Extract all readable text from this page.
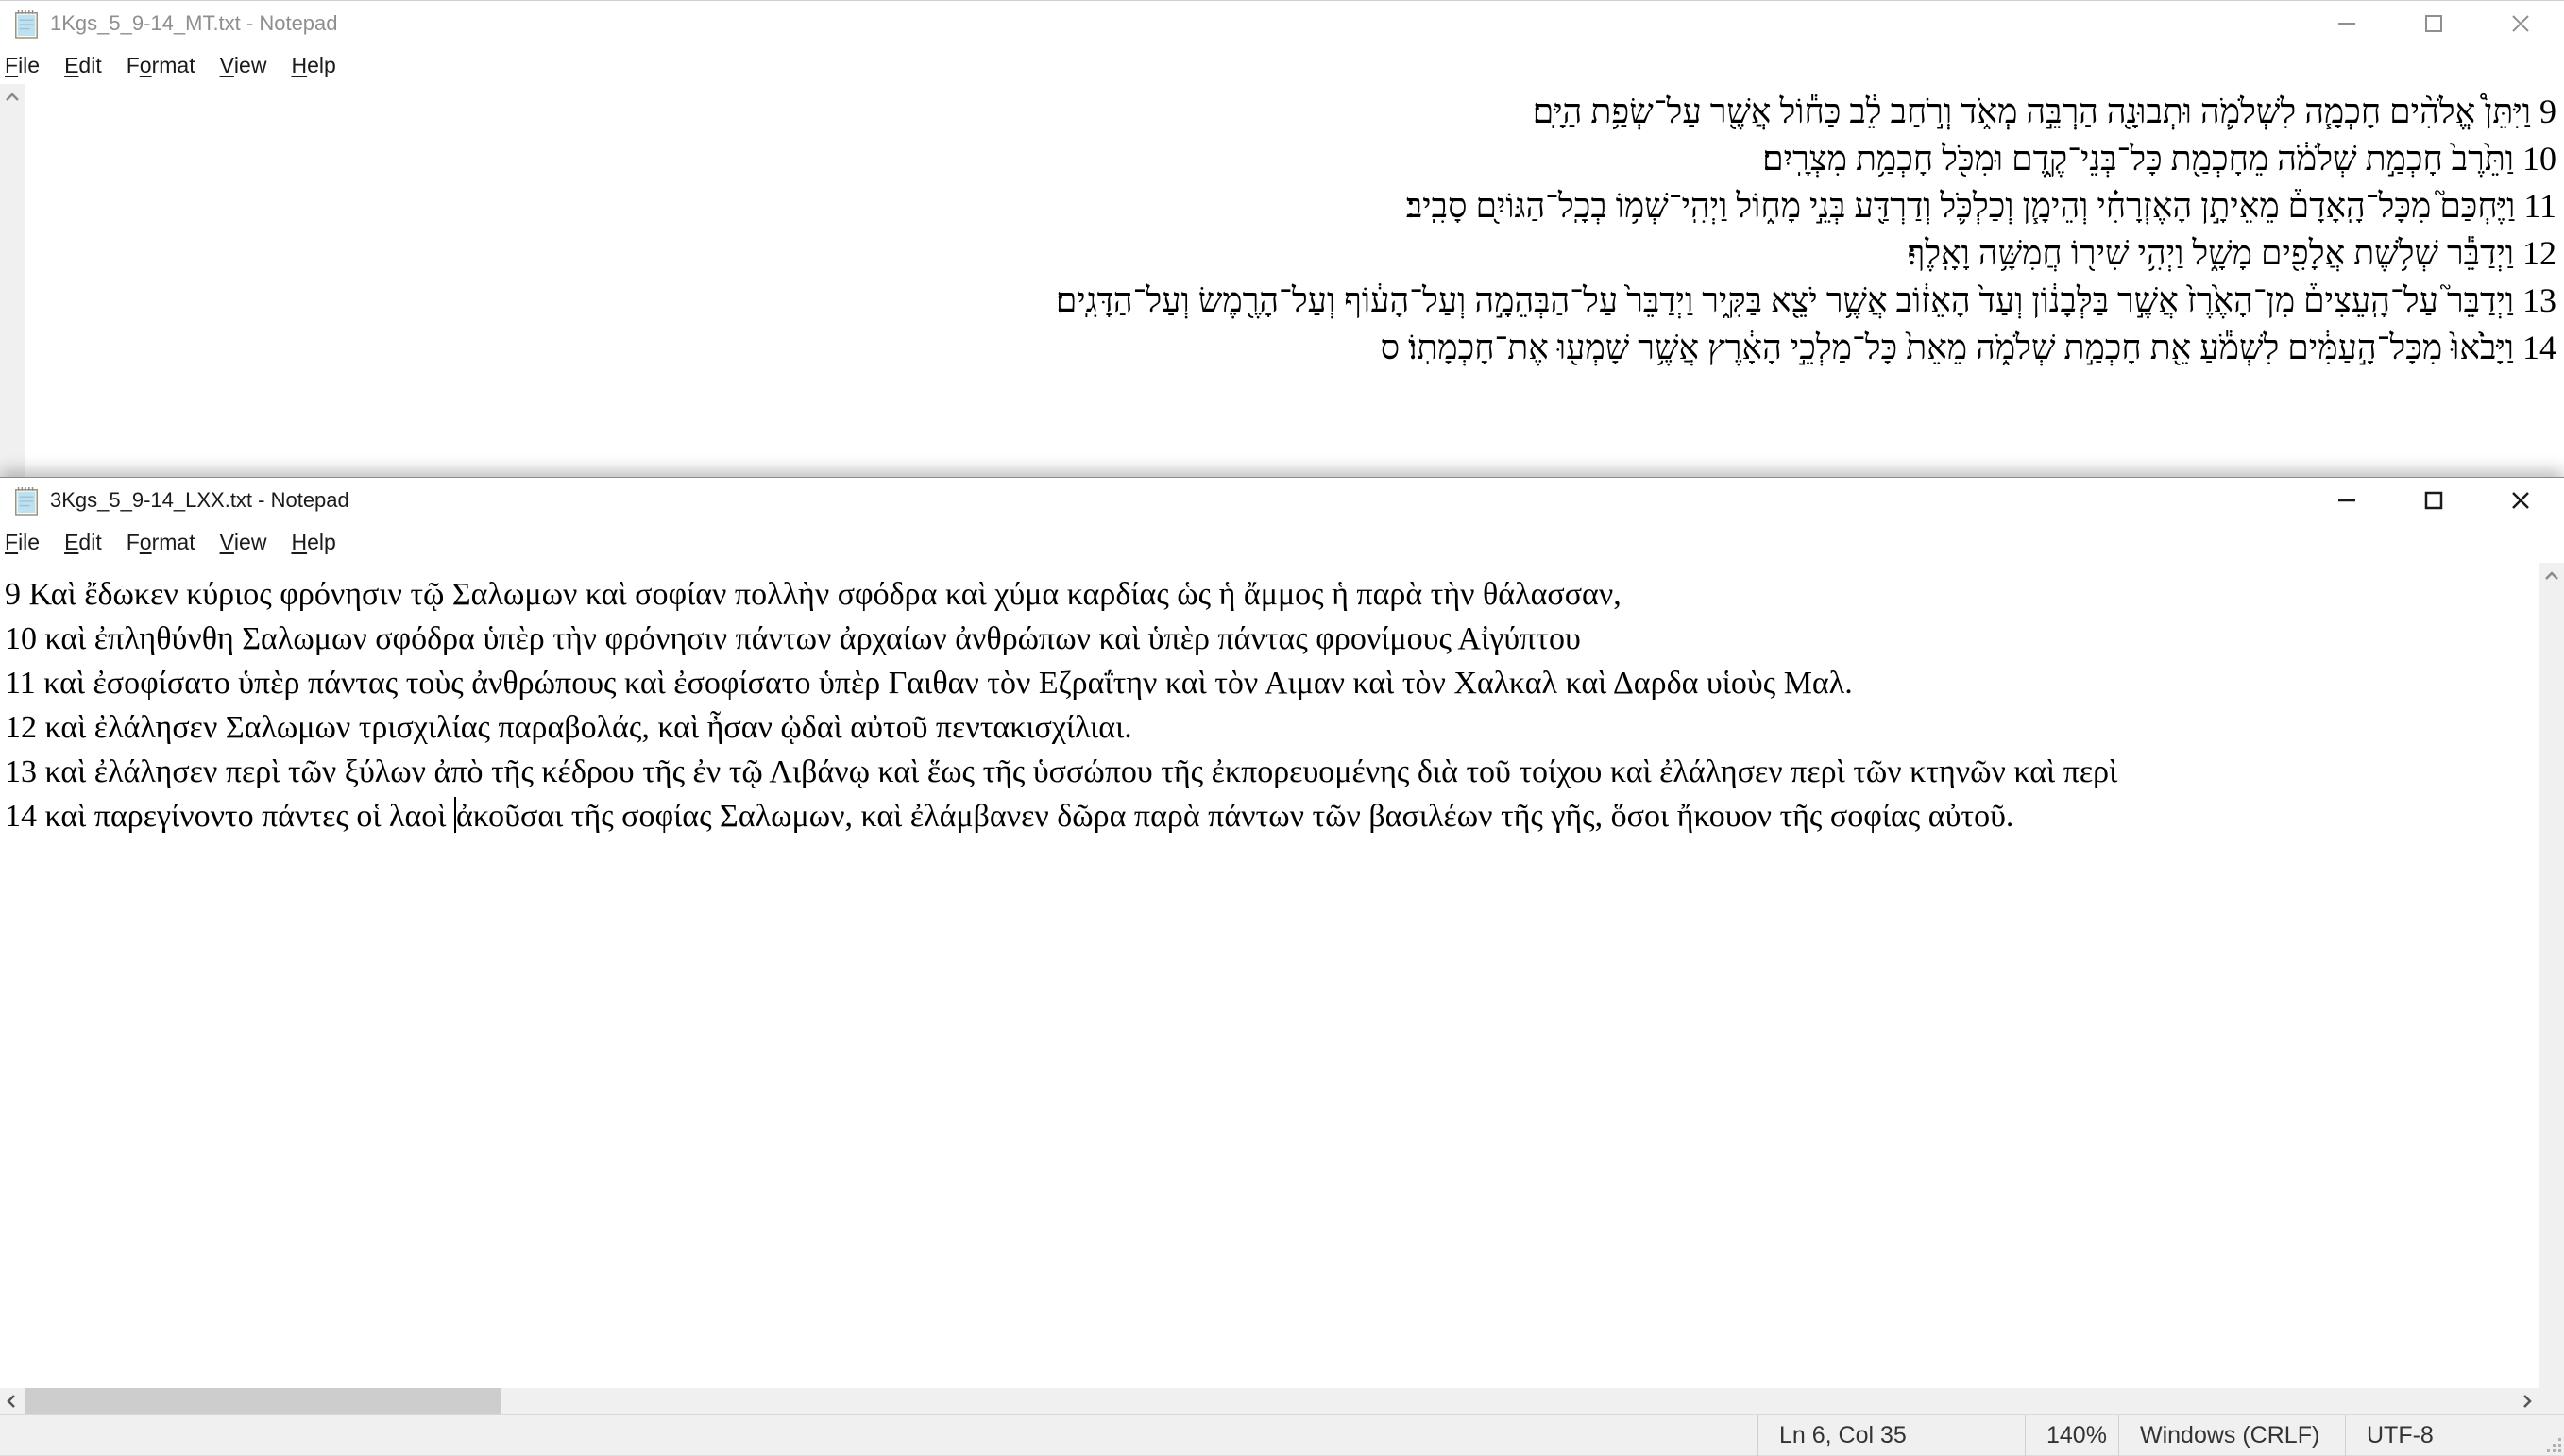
1Kgs_5_9-14_MT.txt - Notepad
F ile E dit F o rmat V iew H elp
9 וַיִּתֵּן֩ אֱלֹהִ֨ים חָכְמָ֧ה לִשְׁלֹמֹ֛ה וּתְבוּנָ֖ה הַרְבֵּ֣ה מְאֹ֑ד וְרֹ֣חַב לֵ֔ב כַּח֕וֹל אֲשֶׁ֖ר עַל־שְׂפַ֥ת הַיָּֽם׃
10 וַתֵּ֙רֶב֙ חָכְמַ֣ת שְׁלֹמֹ֔ה מֵחָכְמַ֖ת כָּל־בְּנֵי־קֶ֑דֶם וּמִכֹּ֖ל חָכְמַ֥ת מִצְרָֽיִם׃
11 וַיֶּחְכַּם֮ מִכָּל־הָֽאָדָם֒ מֵאֵיתָ֣ן הָאֶזְרָחִ֗י וְהֵימָ֧ן וְכַלְכֹּ֛ל וְדַרְדַּ֖ע בְּנֵ֣י מָח֑וֹל וַיְהִֽי־שְׁמ֥וֹ בְכָֽל־הַגּוֹיִ֖ם סָבִֽיב׃
12 וַיְדַבֵּ֕ר שְׁלֹ֥שֶׁת אֲלָפִ֖ים מָשָׁ֑ל וַיְהִ֥י שִׁיר֖וֹ חֲמִשָּׁ֥ה וָאָֽלֶף׃
13 וַיְדַבֵּר֮ עַל־הָֽעֵצִים֒ מִן־הָאֶ֙רֶז֙ אֲשֶׁ֣ר בַּלְּבָנ֔וֹן וְעַד֙ הָאֵז֔וֹב אֲשֶׁ֥ר יֹצֵ֖א בַּקִּ֑יר וַיְדַבֵּר֙ עַל־הַבְּהֵמָ֣ה וְעַל־הָע֔וֹף וְעַל־הָרֶ֖מֶשׂ וְעַל־הַדָּגִֽים׃
14 וַיָּבֹ֙אוּ֙ מִכָּל־הָ֣עַמִּ֔ים לִשְׁמֹ֕עַ אֵ֖ת חָכְמַ֣ת שְׁלֹמֹ֑ה מֵאֵת֙ כָּל־מַלְכֵ֣י הָאָ֔רֶץ אֲשֶׁ֥ר שָׁמְע֖וּ אֶת־חָכְמָתֽוֹ׃ ס
3Kgs_5_9-14_LXX.txt - Notepad
F ile E dit F o rmat V iew H elp
9 Καὶ ἔδωκεν κύριος φρόνησιν τῷ Σαλωμων καὶ σοφίαν πολλὴν σφόδρα καὶ χύμα καρδίας ὡς ἡ ἄμμος ἡ παρὰ τὴν θάλασσαν,
10 καὶ ἐπληθύνθη Σαλωμων σφόδρα ὑπὲρ τὴν φρόνησιν πάντων ἀρχαίων ἀνθρώπων καὶ ὑπὲρ πάντας φρονίμους Αἰγύπτου
11 καὶ ἐσοφίσατο ὑπὲρ πάντας τοὺς ἀνθρώπους καὶ ἐσοφίσατο ὑπὲρ Γαιθαν τὸν Εζραΐτην καὶ τὸν Αιμαν καὶ τὸν Χαλκαλ καὶ Δαρδα υἱοὺς Μαλ.
12 καὶ ἐλάλησεν Σαλωμων τρισχιλίας παραβολάς, καὶ ἦσαν ᾠδαὶ αὐτοῦ πεντακισχίλιαι.
13 καὶ ἐλάλησεν περὶ τῶν ξύλων ἀπὸ τῆς κέδρου τῆς ἐν τῷ Λιβάνῳ καὶ ἕως τῆς ὑσσώπου τῆς ἐκπορευομένης διὰ τοῦ τοίχου καὶ ἐλάλησεν περὶ τῶν κτηνῶν καὶ περὶ
14 καὶ παρεγίνοντο πάντες οἱ λαοὶ ἀκοῦσαι τῆς σοφίας Σαλωμων, καὶ ἐλάμβανεν δῶρα παρὰ πάντων τῶν βασιλέων τῆς γῆς, ὅσοι ἤκουον τῆς σοφίας αὐτοῦ.
Ln 6, Col 35	140%	Windows (CRLF)	UTF-8
